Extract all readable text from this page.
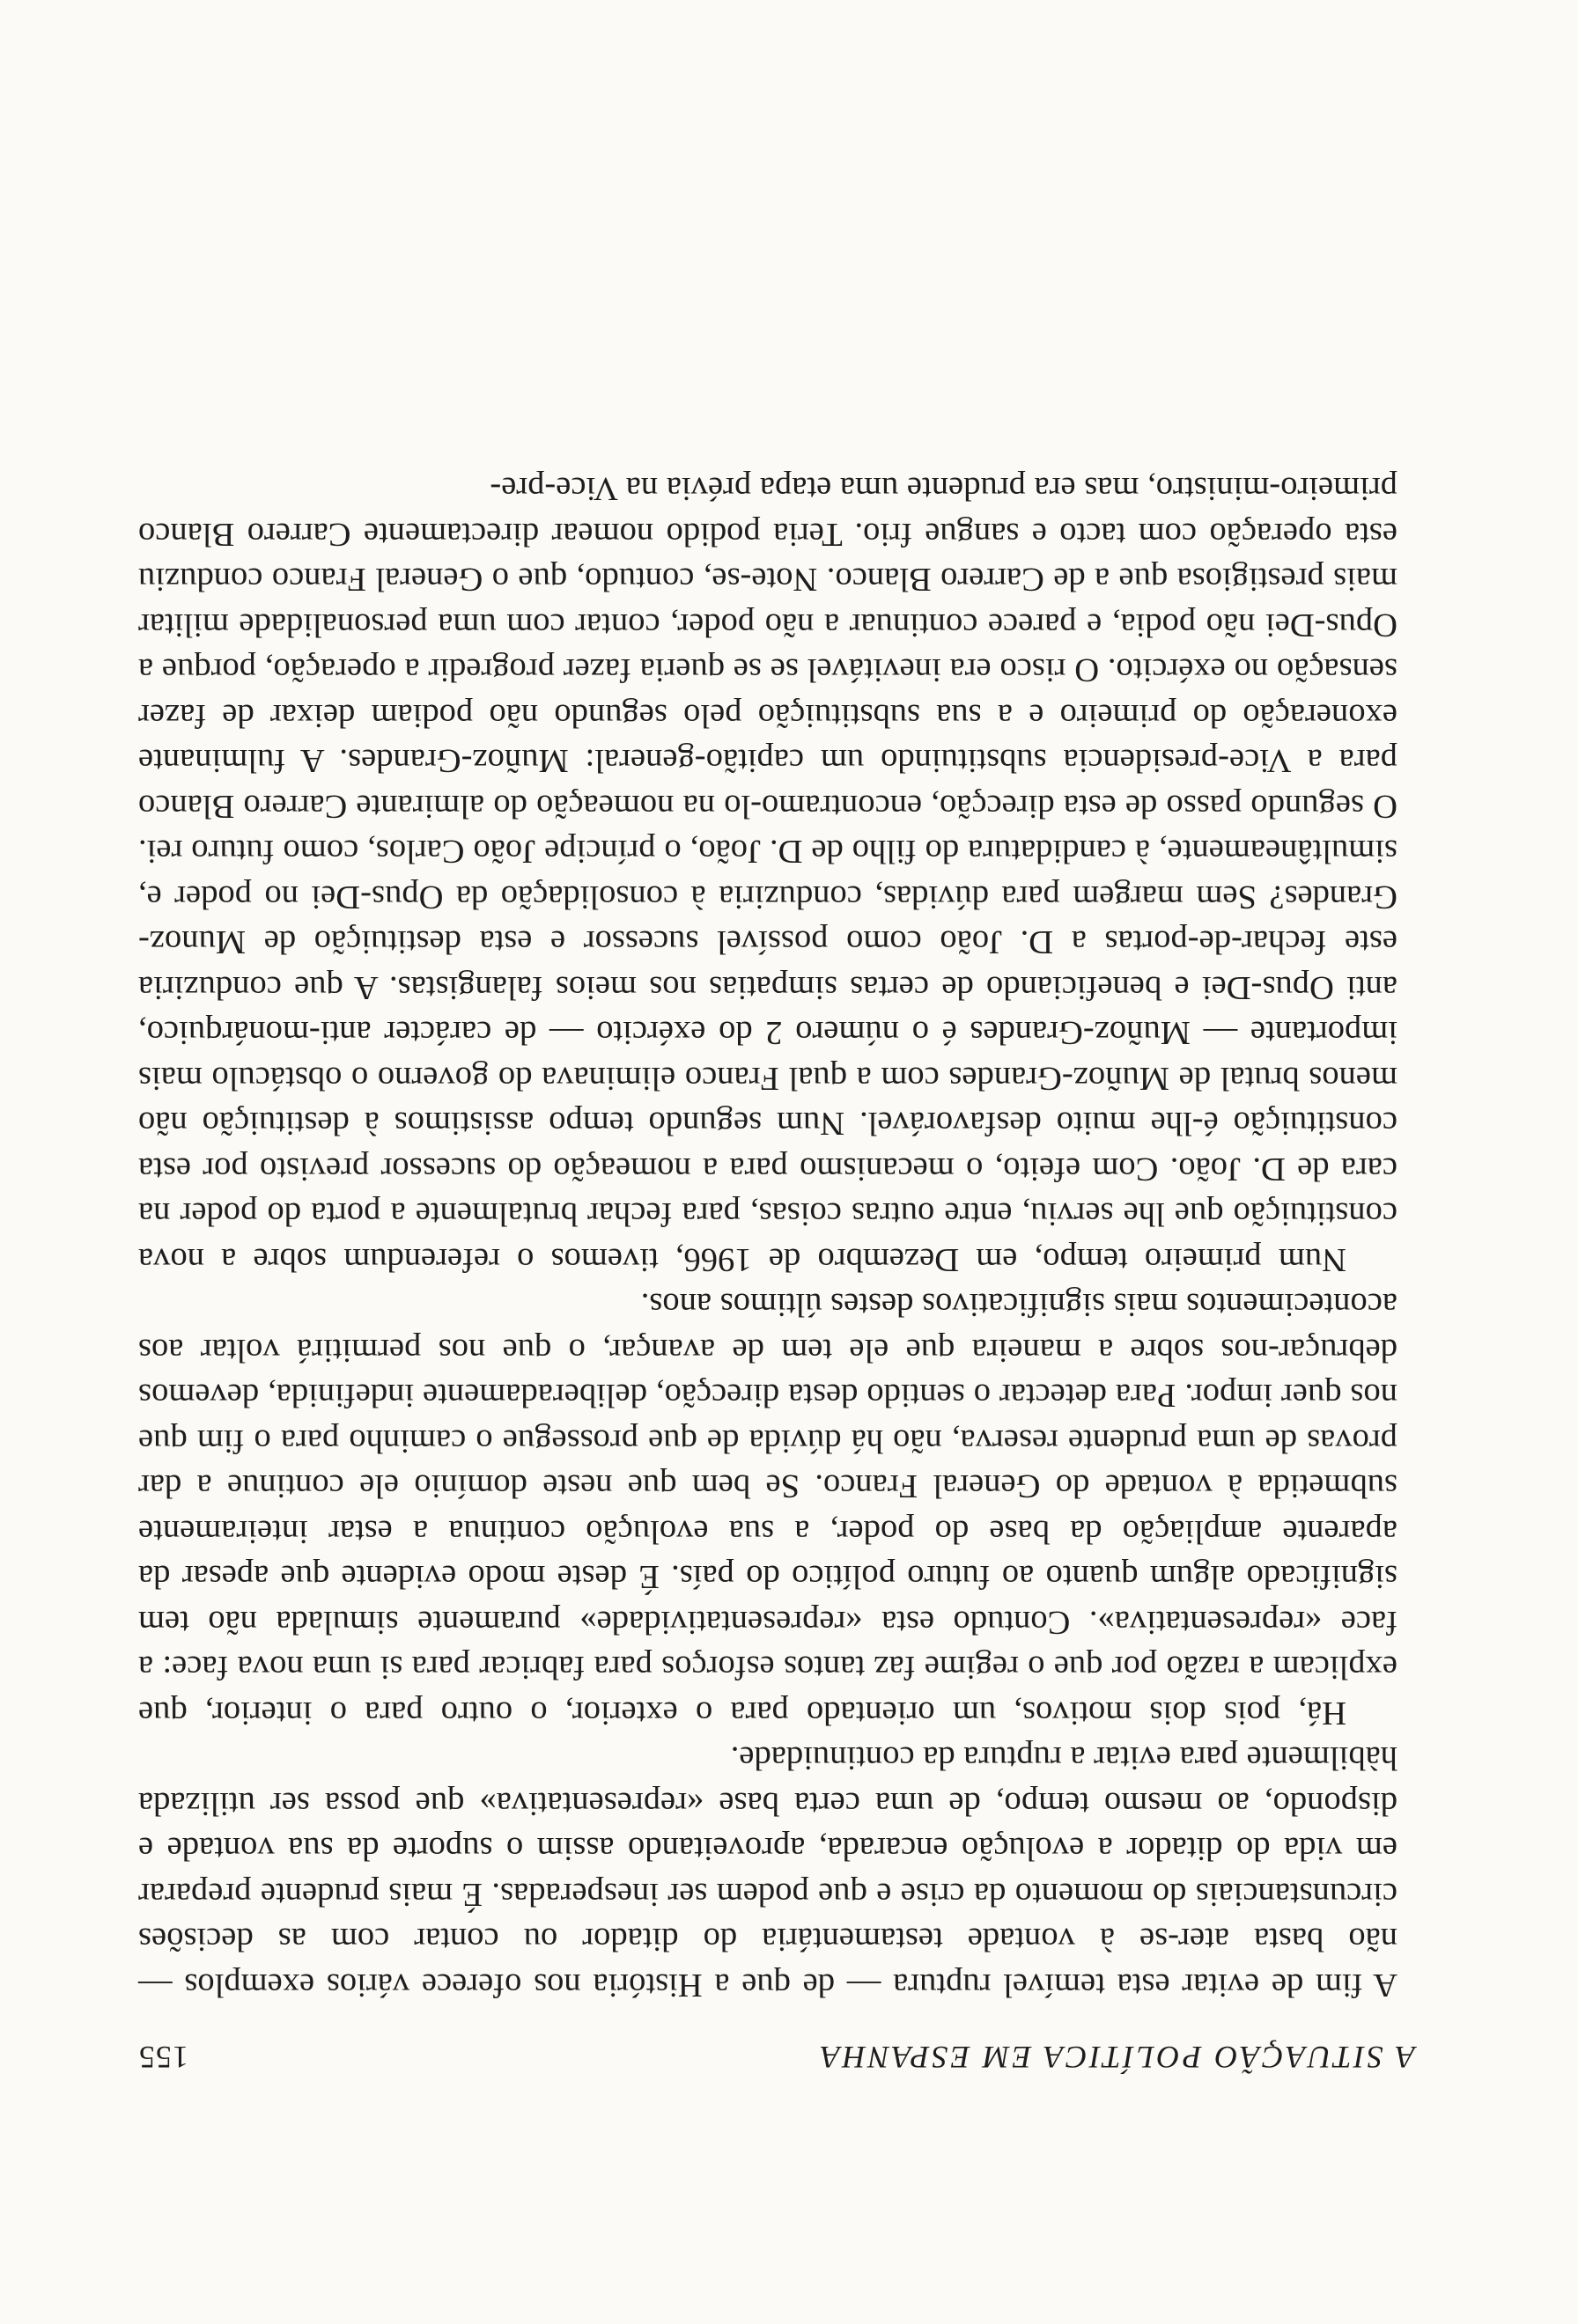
A SITUAÇÃO POLÍTICA EM ESPANHA
155

A fim de evitar esta temível ruptura — de que a História nos oferece vários exemplos — não basta ater-se à vontade testamentária do ditador ou contar com as decisões circunstanciais do momento da crise e que podem ser inesperadas. É mais prudente preparar em vida do ditador a evolução encarada, aproveitando assim o suporte da sua vontade e dispondo, ao mesmo tempo, de uma certa base «representativa» que possa ser utilizada hàbilmente para evitar a ruptura da continuidade.

Há, pois dois motivos, um orientado para o exterior, o outro para o interior, que explicam a razão por que o regime faz tantos esforços para fabricar para si uma nova face: a face «representativa». Contudo esta «representatividade» puramente simulada não tem significado algum quanto ao futuro político do país. É deste modo evidente que apesar da aparente ampliação da base do poder, a sua evolução continua a estar inteiramente submetida à vontade do General Franco. Se bem que neste domínio ele continue a dar provas de uma prudente reserva, não há dúvida de que prossegue o caminho para o fim que nos quer impor. Para detectar o sentido desta direcção, deliberadamente indefinida, devemos debruçar-nos sobre a maneira que ele tem de avançar, o que nos permitirá voltar aos acontecimentos mais significativos destes últimos anos.

Num primeiro tempo, em Dezembro de 1966, tivemos o referendum sobre a nova constituição que lhe serviu, entre outras coisas, para fechar brutalmente a porta do poder na cara de D. João. Com efeito, o mecanismo para a nomeação do sucessor previsto por esta constituição é-lhe muito desfavorável. Num segundo tempo assistimos à destituição não menos brutal de Muñoz-Grandes com a qual Franco eliminava do governo o obstáculo mais importante — Muñoz-Grandes é o número 2 do exército — de carácter anti-monárquico, anti Opus-Dei e beneficiando de certas simpatias nos meios falangistas. A que conduziria este fechar-de-portas a D. João como possível sucessor e esta destituição de Munoz-Grandes? Sem margem para dúvidas, conduziria à consolidação da Opus-Dei no poder e, simultâneamente, à candidatura do filho de D. João, o príncipe João Carlos, como futuro rei. O segundo passo de esta direcção, encontramo-lo na nomeação do almirante Carrero Blanco para a Vice-presidencia substituindo um capitão-general: Muñoz-Grandes. A fulminante exoneração do primeiro e a sua substituição pelo segundo não podiam deixar de fazer sensação no exército. O risco era inevitável se se queria fazer progredir a operação, porque a Opus-Dei não podia, e parece continuar a não poder, contar com uma personalidade militar mais prestigiosa que a de Carrero Blanco. Note-se, contudo, que o General Franco conduziu esta operação com tacto e sangue frio. Teria podido nomear directamente Carrero Blanco primeiro-ministro, mas era prudente uma etapa prévia na Vice-pre-
